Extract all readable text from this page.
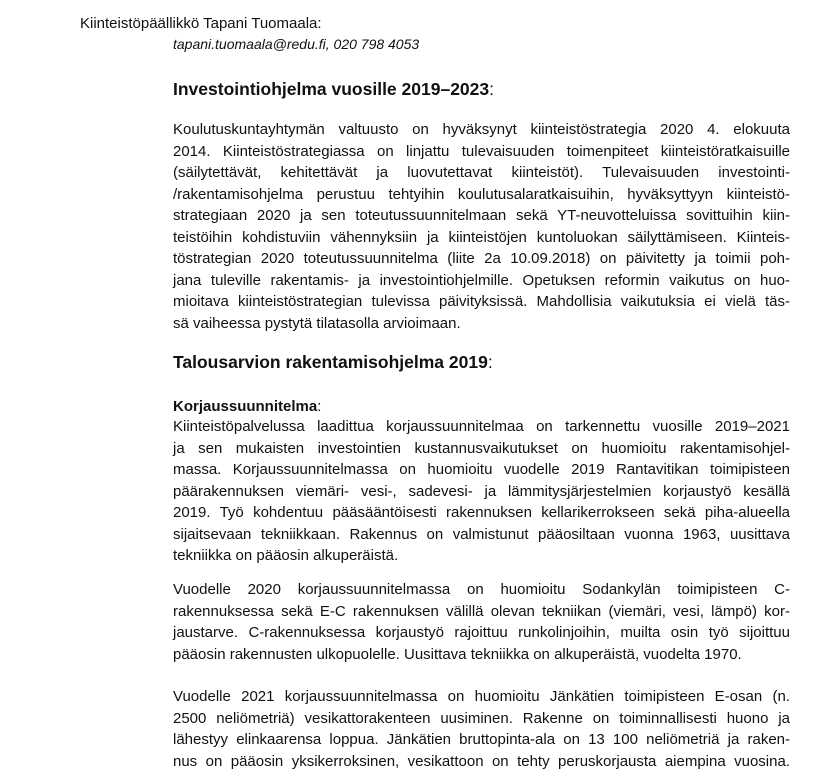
Kiinteistöpäällikkö Tapani Tuomaala:
tapani.tuomaala@redu.fi, 020 798 4053
Investointiohjelma vuosille 2019–2023:
Koulutuskuntayhtymän valtuusto on hyväksynyt kiinteistöstrategia 2020 4. elokuuta
2014. Kiinteistöstrategiassa on linjattu tulevaisuuden toimenpiteet kiinteistöratkaisuille
(säilytettävät, kehitettävät ja luovutettavat kiinteistöt). Tulevaisuuden investointi-
/rakentamisohjelma perustuu tehtyihin koulutusalaratkaisuihin, hyväksyttyyn kiinteistö-
strategiaan 2020 ja sen toteutussuunnitelmaan sekä YT-neuvotteluissa sovittuihin kiin-
teistöihin kohdistuviin vähennyksiin ja kiinteistöjen kuntoluokan säilyttämiseen. Kiinteis-
töstrategian 2020 toteutussuunnitelma (liite 2a 10.09.2018) on päivitetty ja toimii poh-
jana tuleville rakentamis- ja investointiohjelmille. Opetuksen reformin vaikutus on huo-
mioitava kiinteistöstrategian tulevissa päivityksissä. Mahdollisia vaikutuksia ei vielä täs-
sä vaiheessa pystytä tilatasolla arvioimaan.
Talousarvion rakentamisohjelma 2019:
Korjaussuunnitelma:
Kiinteistöpalvelussa laadittua korjaussuunnitelmaa on tarkennettu vuosille 2019–2021
ja sen mukaisten investointien kustannusvaikutukset on huomioitu rakentamisohjel-
massa. Korjaussuunnitelmassa on huomioitu vuodelle 2019 Rantavitikan toimipisteen
päärakennuksen viemäri- vesi-, sadevesi- ja lämmitysjärjestelmien korjaustyö kesällä
2019. Työ kohdentuu pääsääntöisesti rakennuksen kellarikerrokseen sekä piha-alueella
sijaitsevaan tekniikkaan. Rakennus on valmistunut pääosiltaan vuonna 1963, uusittava
tekniikka on pääosin alkuperäistä.
Vuodelle 2020 korjaussuunnitelmassa on huomioitu Sodankylän toimipisteen C-
rakennuksessa sekä E-C rakennuksen välillä olevan tekniikan (viemäri, vesi, lämpö) kor-
jaustarve. C-rakennuksessa korjaustyö rajoittuu runkolinjoihin, muilta osin työ sijoittuu
pääosin rakennusten ulkopuolelle. Uusittava tekniikka on alkuperäistä, vuodelta 1970.
Vuodelle 2021 korjaussuunnitelmassa on huomioitu Jänkätien toimipisteen E-osan (n.
2500 neliömetriä) vesikattorakenteen uusiminen. Rakenne on toiminnallisesti huono ja
lähestyy elinkaarensa loppua. Jänkätien bruttopinta-ala on 13 100 neliömetriä ja raken-
nus on pääosin yksikerroksinen, vesikattoon on tehty peruskorjausta aiempina vuosina.
